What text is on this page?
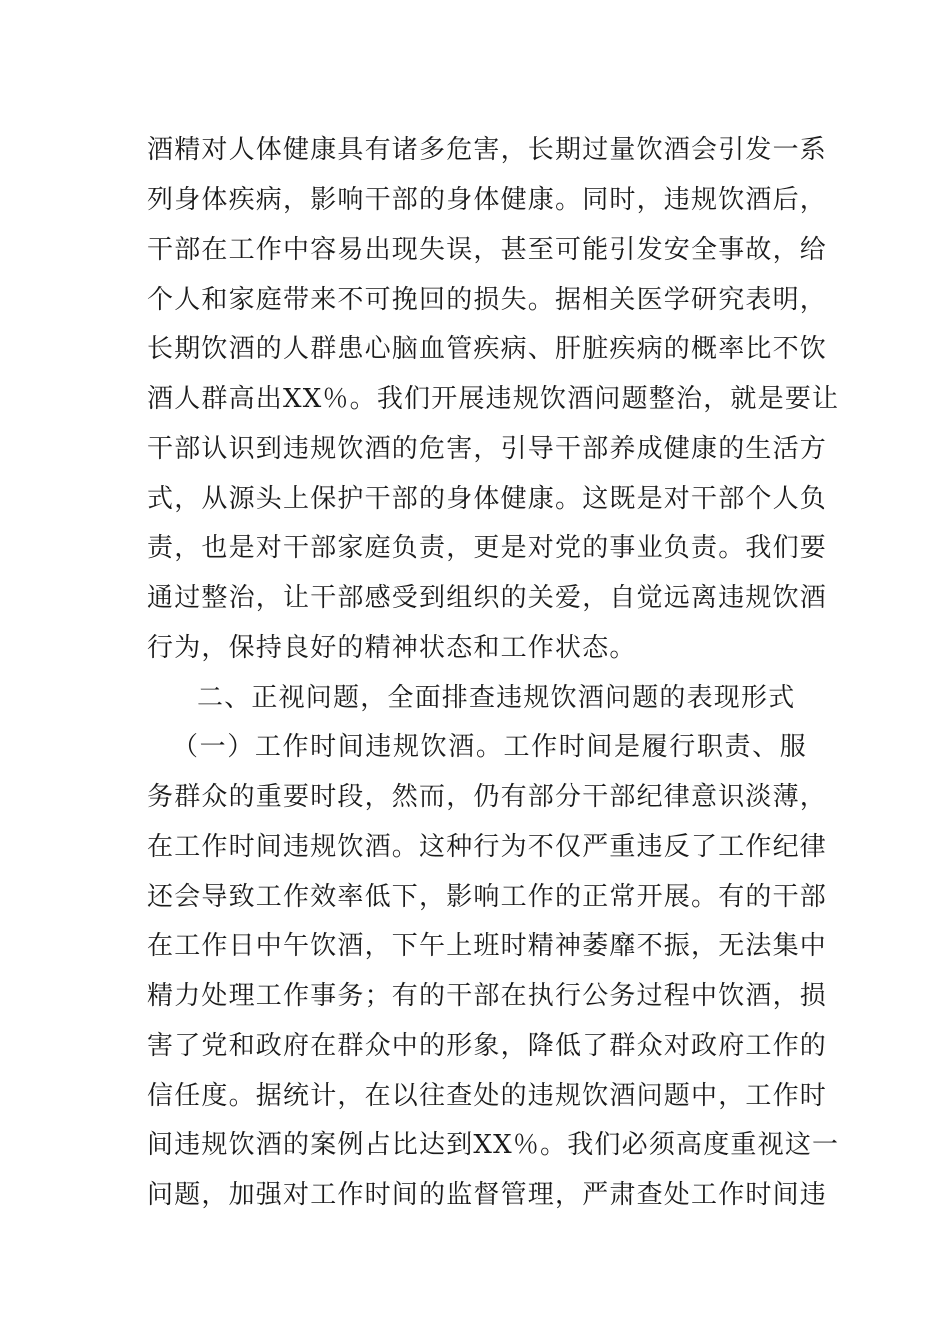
酒精对人体健康具有诸多危害，长期过量饮酒会引发一系
列身体疾病，影响干部的身体健康。同时，违规饮酒后，
干部在工作中容易出现失误，甚至可能引发安全事故，给
个人和家庭带来不可挽回的损失。据相关医学研究表明，
长期饮酒的人群患心脑血管疾病、肝脏疾病的概率比不饮
酒人群高出XX％。我们开展违规饮酒问题整治，就是要让
干部认识到违规饮酒的危害，引导干部养成健康的生活方
式，从源头上保护干部的身体健康。这既是对干部个人负
责，也是对干部家庭负责，更是对党的事业负责。我们要
通过整治，让干部感受到组织的关爱，自觉远离违规饮酒
行为，保持良好的精神状态和工作状态。
二、正视问题，全面排查违规饮酒问题的表现形式
（一）工作时间违规饮酒。工作时间是履行职责、服
务群众的重要时段，然而，仍有部分干部纪律意识淡薄，
在工作时间违规饮酒。这种行为不仅严重违反了工作纪律
还会导致工作效率低下，影响工作的正常开展。有的干部
在工作日中午饮酒，下午上班时精神萎靡不振，无法集中
精力处理工作事务；有的干部在执行公务过程中饮酒，损
害了党和政府在群众中的形象，降低了群众对政府工作的
信任度。据统计，在以往查处的违规饮酒问题中，工作时
间违规饮酒的案例占比达到XX％。我们必须高度重视这一
问题，加强对工作时间的监督管理，严肃查处工作时间违
